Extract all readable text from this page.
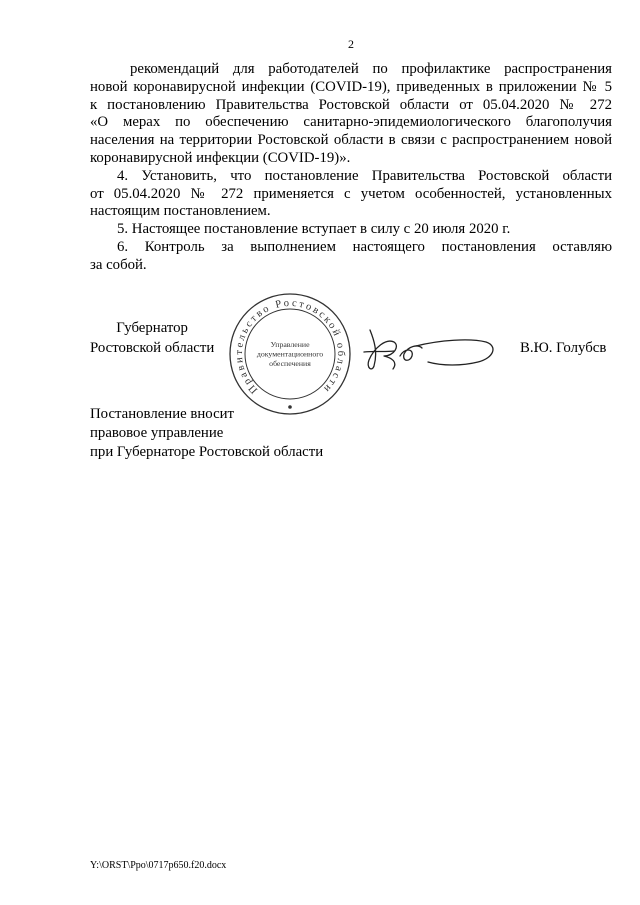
2
рекомендаций для работодателей по профилактике распространения
новой коронавирусной инфекции (COVID-19), приведенных в приложении № 5
к постановлению Правительства Ростовской области от 05.04.2020 № 272
«О мерах по обеспечению санитарно-эпидемиологического благополучия
населения на территории Ростовской области в связи с распространением новой
коронавирусной инфекции (COVID-19)».
4. Установить, что постановление Правительства Ростовской области
от 05.04.2020 № 272 применяется с учетом особенностей, установленных
настоящим постановлением.
5. Настоящее постановление вступает в силу с 20 июля 2020 г.
6. Контроль за выполнением настоящего постановления оставляю
за собой.
Губернатор
Ростовской области
Правительство Ростовской области
Управление
документационного
обеспечения
В.Ю. Голубсв
Постановление вносит
правовое управление
при Губернаторе Ростовской области
Y:\ORST\Ppo\0717p650.f20.docx
